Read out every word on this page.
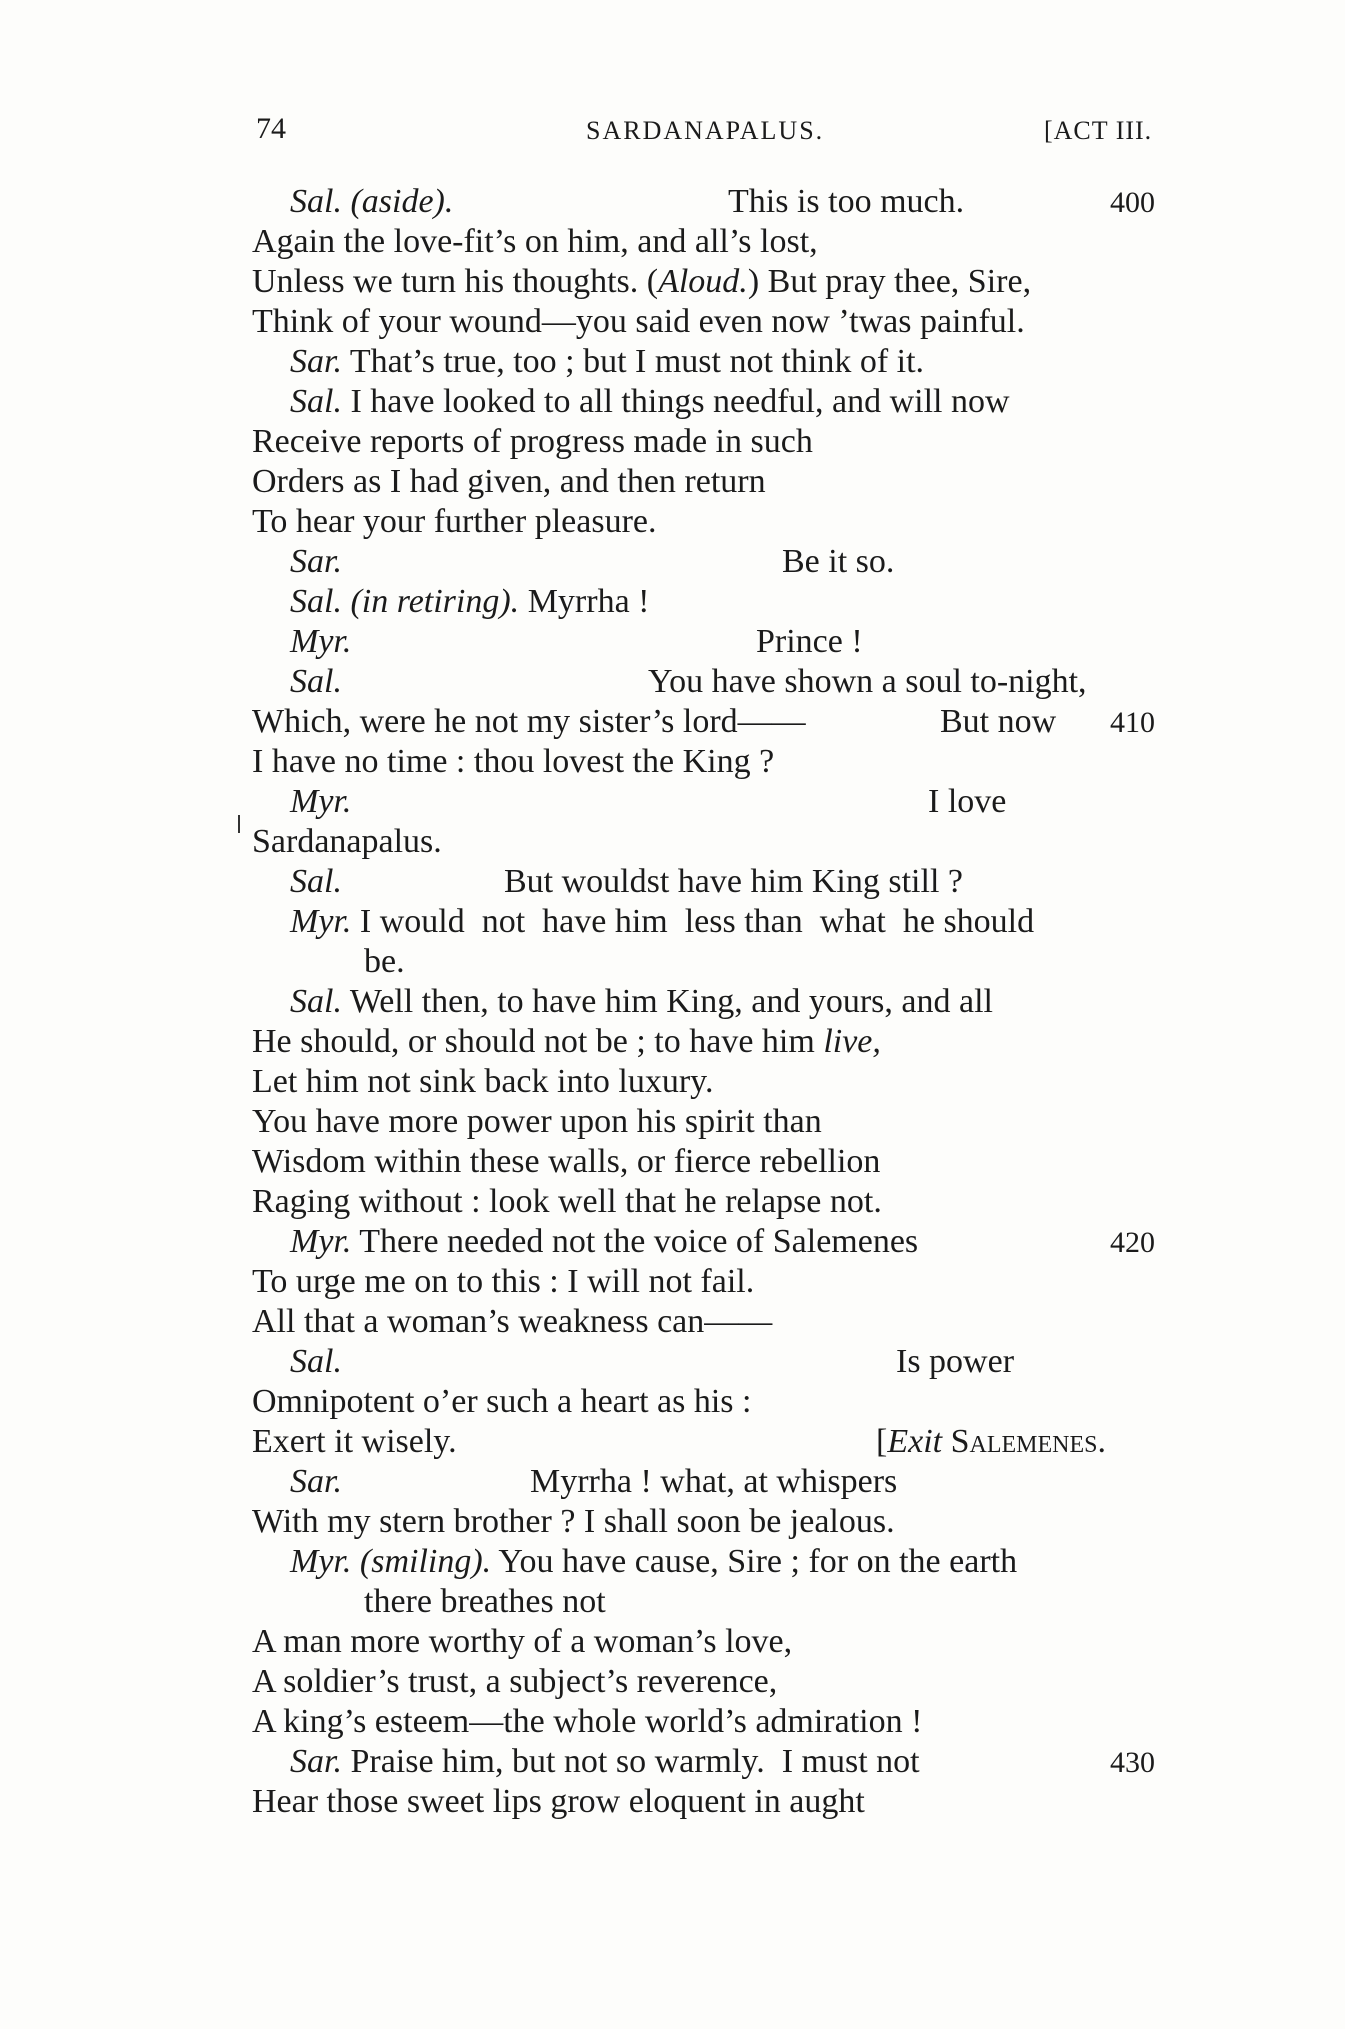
74	SARDANAPALUS.	[ACT III.
Sal. (aside).	This is too much.	400
Again the love-fit’s on him, and all’s lost,
Unless we turn his thoughts. (Aloud.) But pray thee, Sire,
Think of your wound—you said even now ’twas painful.
Sar. That’s true, too ; but I must not think of it.
Sal. I have looked to all things needful, and will now
Receive reports of progress made in such
Orders as I had given, and then return
To hear your further pleasure.
Sar.	Be it so.
Sal. (in retiring). Myrrha !
Myr.	Prince !
Sal.	You have shown a soul to-night,
Which, were he not my sister’s lord——	But now 410
I have no time : thou lovest the King ?
Myr.	I love
Sardanapalus.
Sal.	But wouldst have him King still ?
Myr. I would  not  have him  less than  what  he should
be.
Sal. Well then, to have him King, and yours, and all
He should, or should not be ; to have him live,
Let him not sink back into luxury.
You have more power upon his spirit than
Wisdom within these walls, or fierce rebellion
Raging without : look well that he relapse not.
Myr. There needed not the voice of Salemenes	420
To urge me on to this : I will not fail.
All that a woman’s weakness can——
Sal.	Is power
Omnipotent o’er such a heart as his :
Exert it wisely.	[Exit Salemenes.
Sar.	Myrrha ! what, at whispers
With my stern brother ? I shall soon be jealous.
Myr. (smiling). You have cause, Sire ; for on the earth
there breathes not
A man more worthy of a woman’s love,
A soldier’s trust, a subject’s reverence,
A king’s esteem—the whole world’s admiration !
Sar. Praise him, but not so warmly.  I must not	430
Hear those sweet lips grow eloquent in aught
